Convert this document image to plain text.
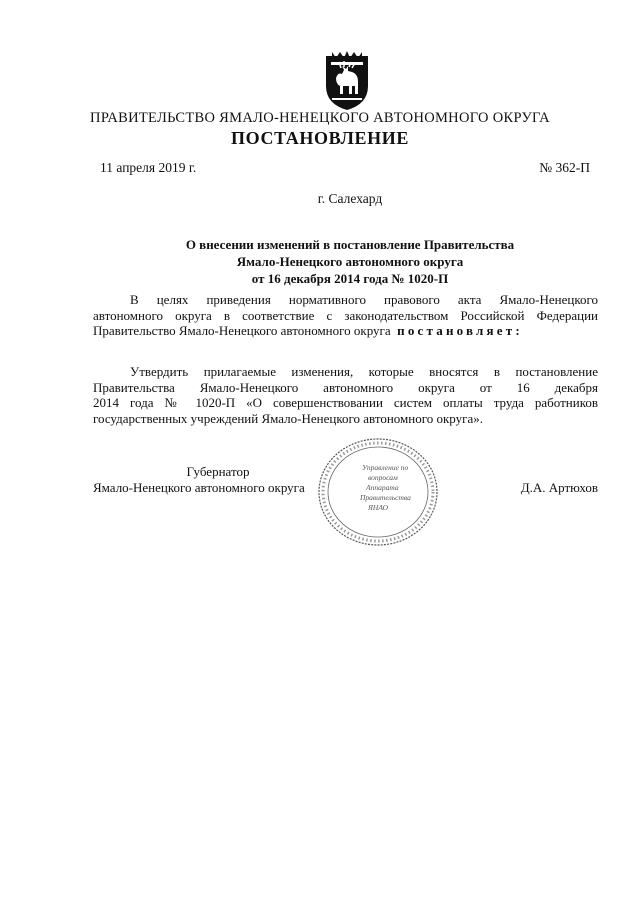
ПРАВИТЕЛЬСТВО ЯМАЛО-НЕНЕЦКОГО АВТОНОМНОГО ОКРУГА
ПОСТАНОВЛЕНИЕ
11 апреля 2019 г.	№ 362-П
г. Салехард
О внесении изменений в постановление Правительства
Ямало-Ненецкого автономного округа
от 16 декабря 2014 года № 1020-П
В целях приведения нормативного правового акта Ямало-Ненецкого
автономного округа в соответствие с законодательством Российской Федерации
Правительство Ямало-Ненецкого автономного округа постановляет:
Утвердить прилагаемые изменения, которые вносятся в постановление
Правительства Ямало-Ненецкого автономного округа от 16 декабря
2014 года № 1020-П «О совершенствовании систем оплаты труда работников
государственных учреждений Ямало-Ненецкого автономного округа».
Губернатор
Ямало-Ненецкого автономного округа	Д.А. Артюхов
Управление по
вопросам
Аппарата
Правительства
ЯНАО
